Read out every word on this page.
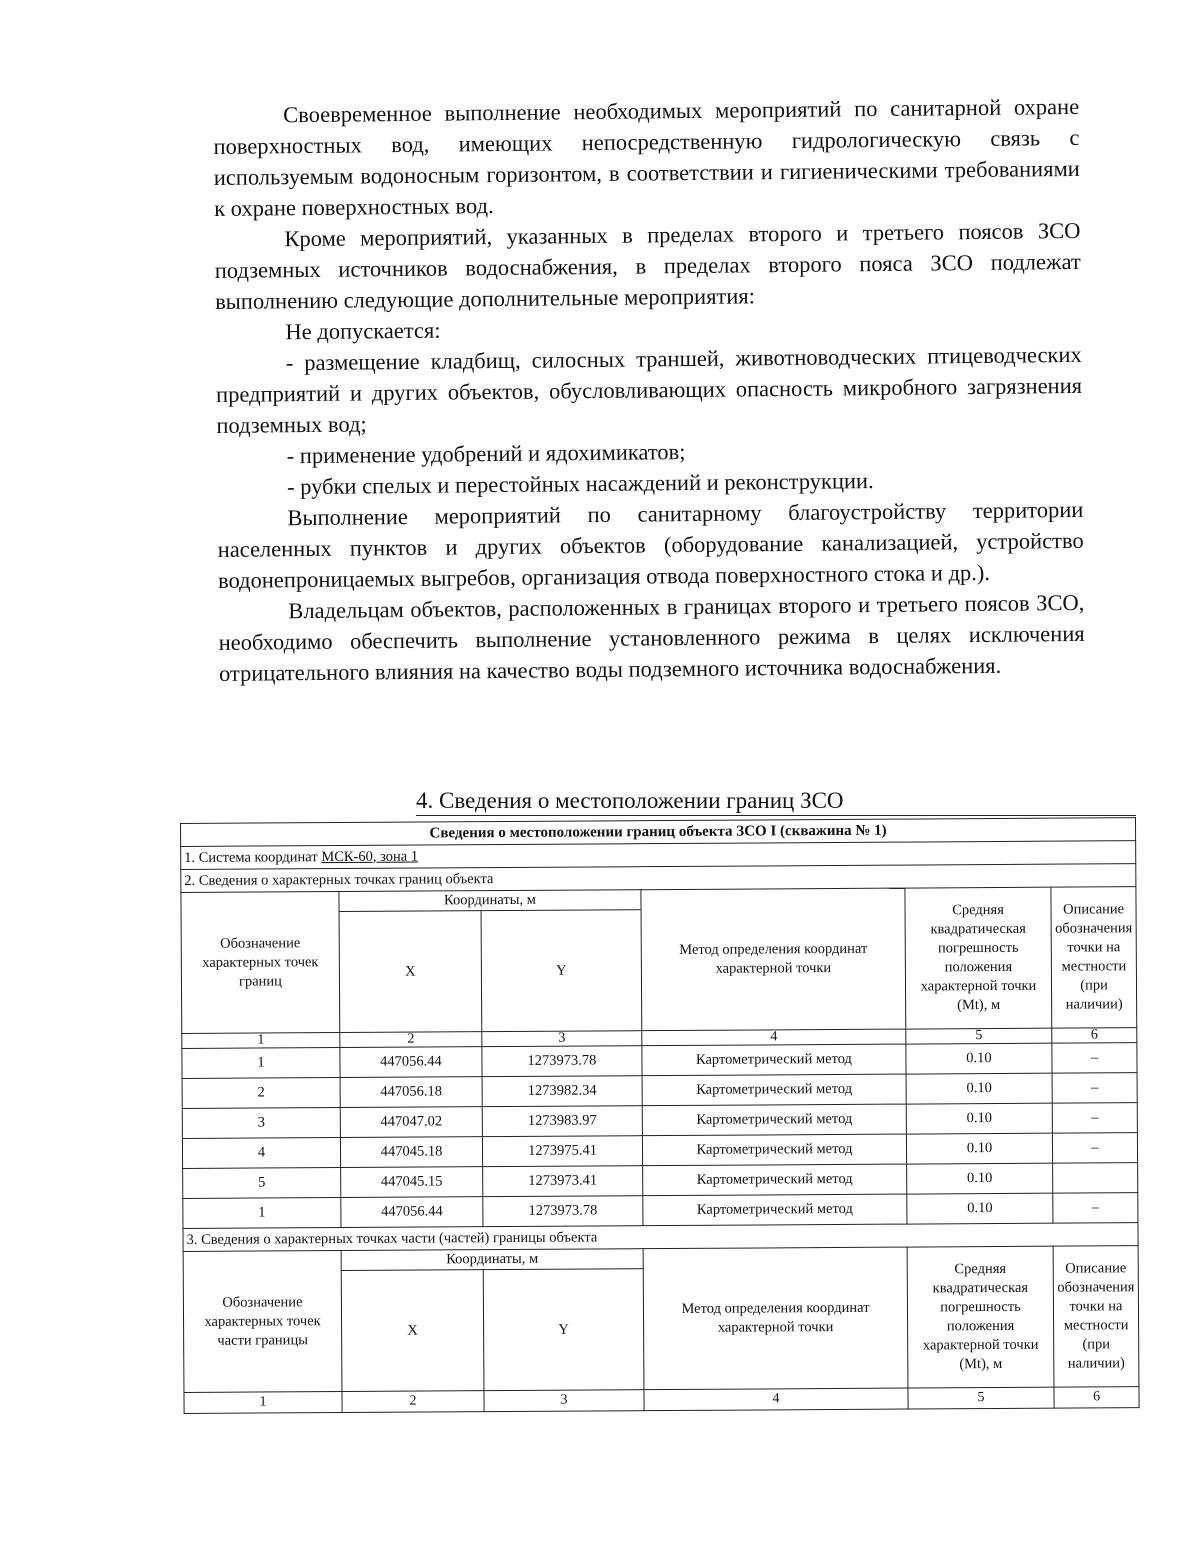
Своевременное выполнение необходимых мероприятий по санитарной охране поверхностных вод, имеющих непосредственную гидрологическую связь с используемым водоносным горизонтом, в соответствии и гигиеническими требованиями к охране поверхностных вод.

Кроме мероприятий, указанных в пределах второго и третьего поясов ЗСО подземных источников водоснабжения, в пределах второго пояса ЗСО подлежат выполнению следующие дополнительные мероприятия:

Не допускается:

- размещение кладбищ, силосных траншей, животноводческих птицеводческих предприятий и других объектов, обусловливающих опасность микробного загрязнения подземных вод;

- применение удобрений и ядохимикатов;

- рубки спелых и перестойных насаждений и реконструкции.

Выполнение мероприятий по санитарному благоустройству территории населенных пунктов и других объектов (оборудование канализацией, устройство водонепроницаемых выгребов, организация отвода поверхностного стока и др.).

Владельцам объектов, расположенных в границах второго и третьего поясов ЗСО, необходимо обеспечить выполнение установленного режима в целях исключения отрицательного влияния на качество воды подземного источника водоснабжения.

4. Сведения о местоположении границ ЗСО
Сведения о местоположении границ объекта ЗСО I (скважина № 1)					
1. Система координат МСК-60, зона 1					
2. Сведения о характерных точках границ объекта					
Обозначение характерных точек границ	Координаты, м		Метод определения координат характерной точки	Средняя квадратическая погрешность положения характерной точки (Mt), м	Описание обозначения точки на местности (при наличии)
	X	Y			
1	2	3	4	5	6
1	447056.44	1273973.78	Картометрический метод	0.10	–
2	447056.18	1273982.34	Картометрический метод	0.10	–
3	447047.02	1273983.97	Картометрический метод	0.10	–
4	447045.18	1273975.41	Картометрический метод	0.10	–
5	447045.15	1273973.41	Картометрический метод	0.10	
1	447056.44	1273973.78	Картометрический метод	0.10	–
3. Сведения о характерных точках части (частей) границы объекта					
Обозначение характерных точек части границы	Координаты, м		Метод определения координат характерной точки	Средняя квадратическая погрешность положения характерной точки (Mt), м	Описание обозначения точки на местности (при наличии)
	X	Y			
1	2	3	4	5	6
